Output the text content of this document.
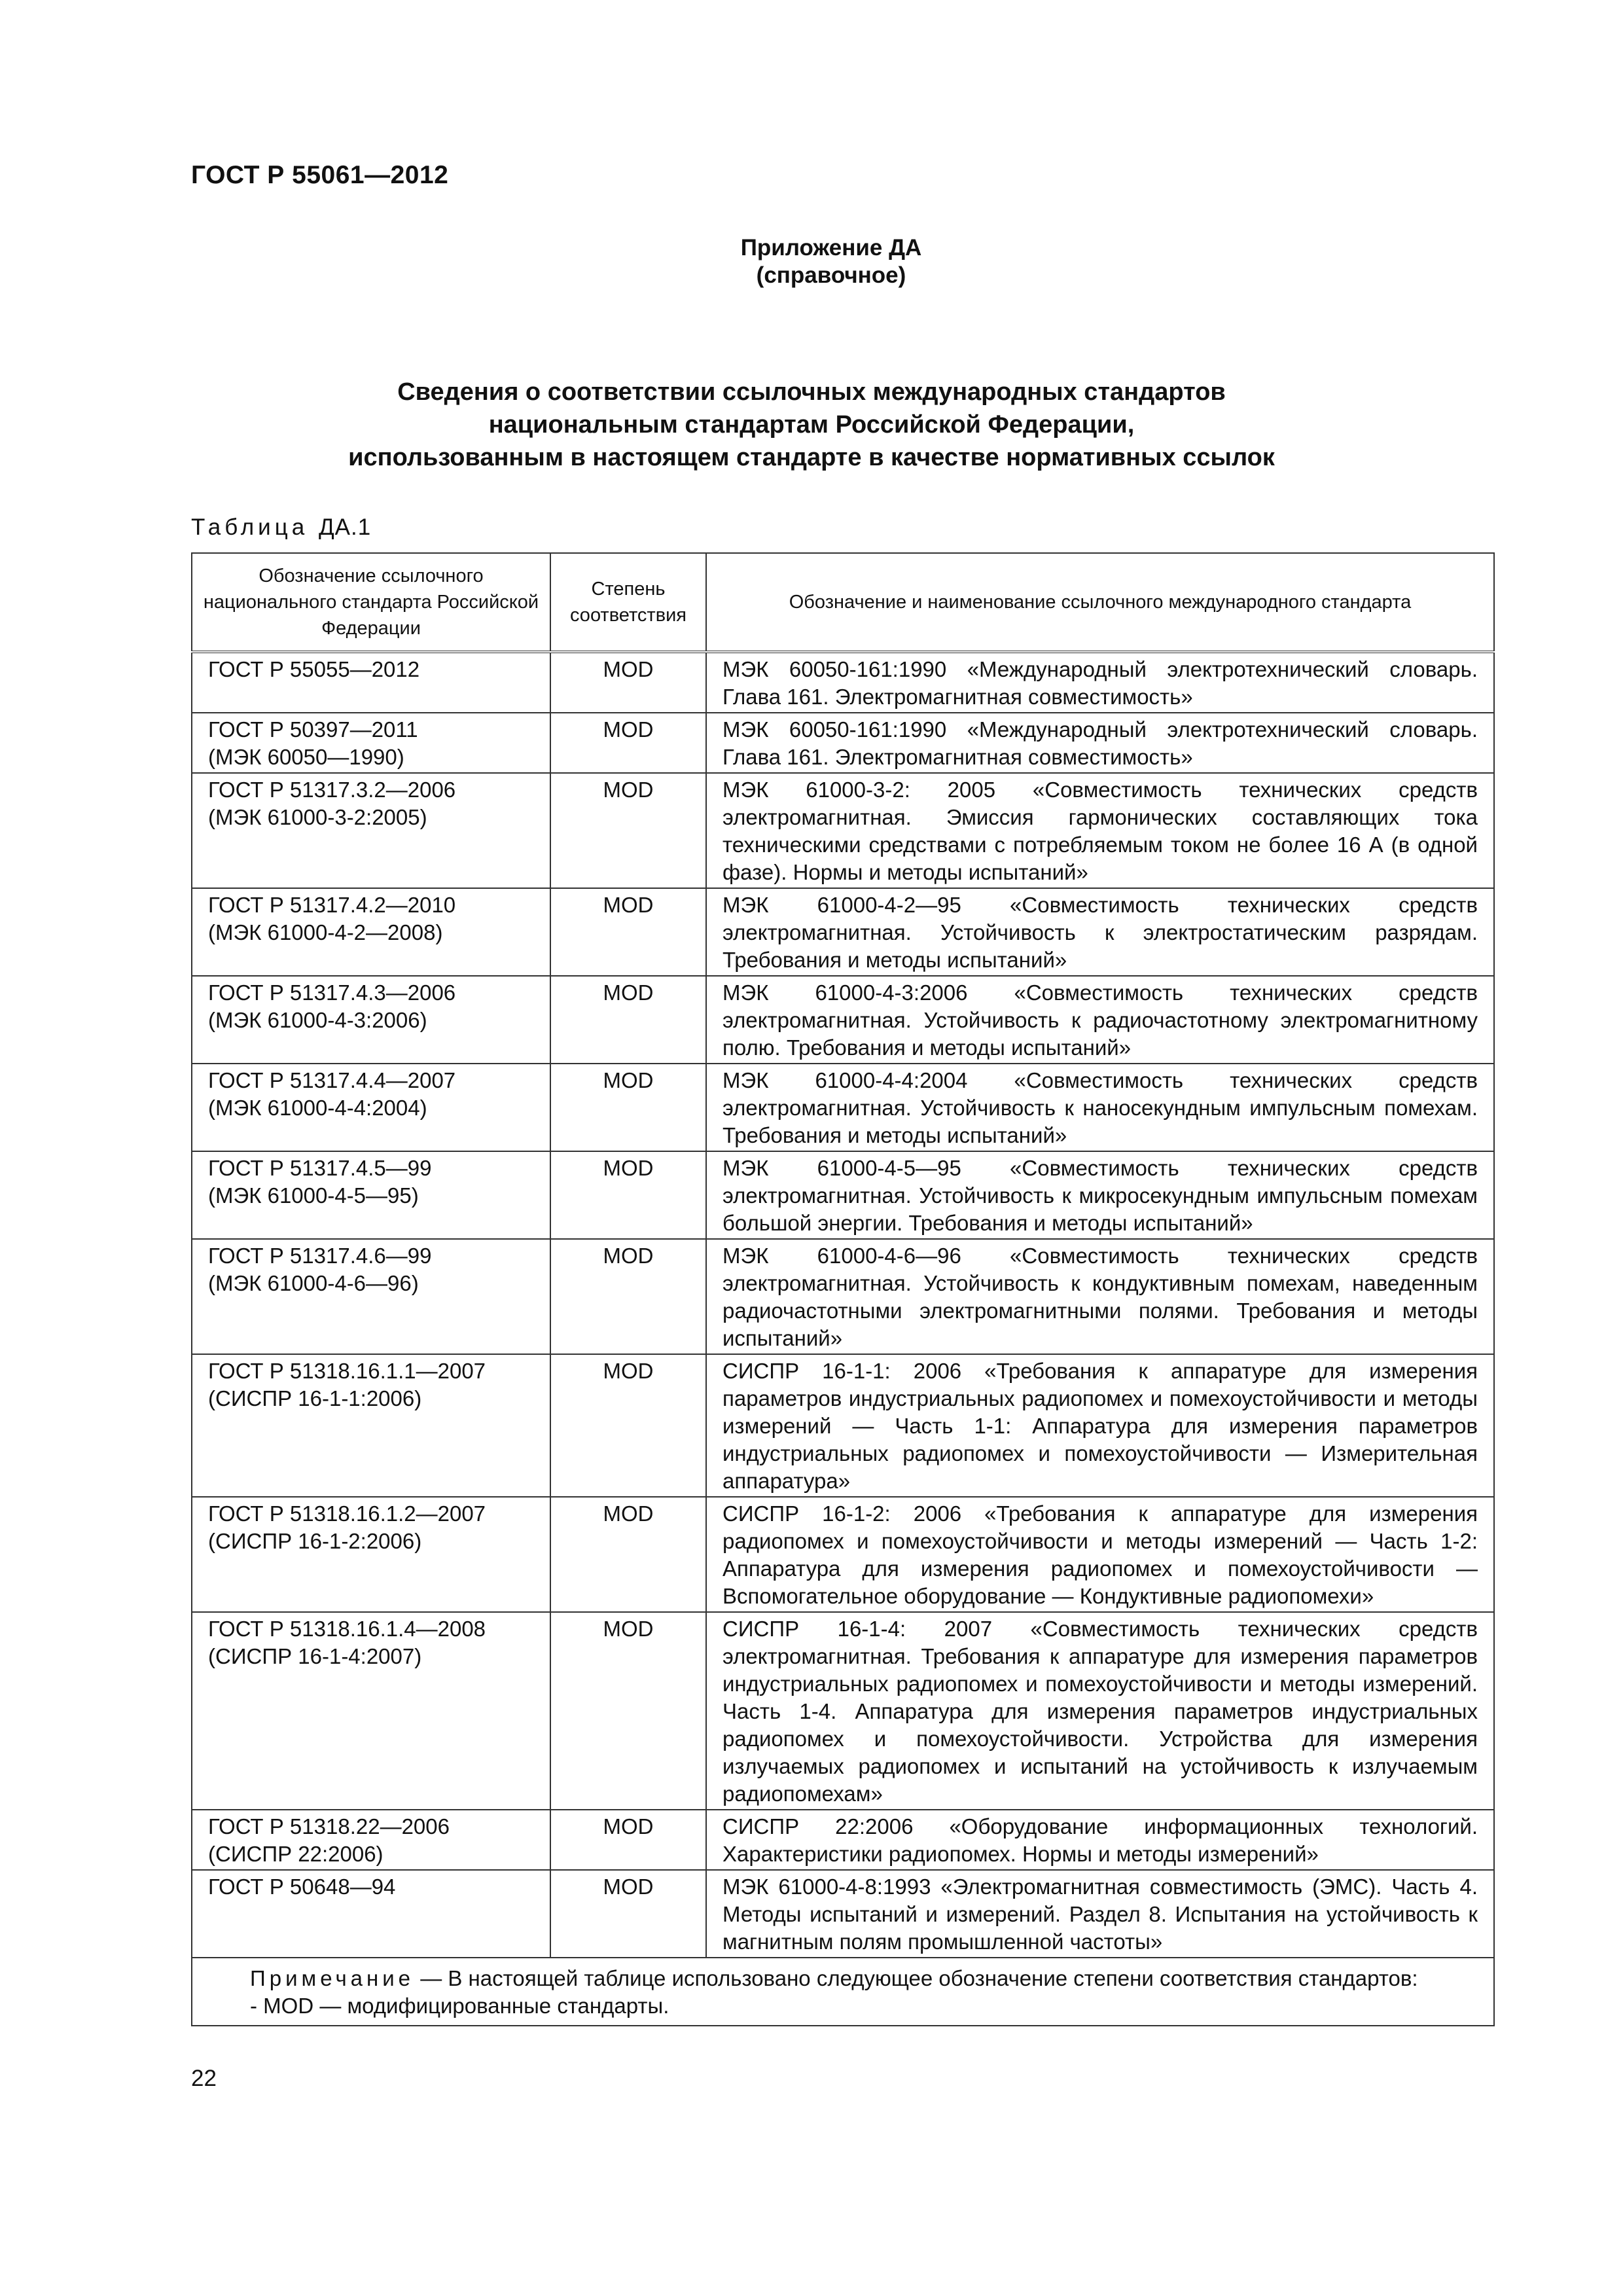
ГОСТ Р 55061—2012
Приложение ДА
(справочное)
Сведения о соответствии ссылочных международных стандартов
национальным стандартам Российской Федерации,
использованным в настоящем стандарте в качестве нормативных ссылок
Таблица ДА.1
Обозначение ссылочного национального стандарта Российской Федерации	Степень соответствия	Обозначение и наименование ссылочного международного стандарта

ГОСТ Р 55055—2012	MOD	МЭК 60050-161:1990 «Международный электротехнический словарь. Глава 161. Электромагнитная совместимость»

ГОСТ Р 50397—2011
(МЭК 60050—1990)	MOD	МЭК 60050-161:1990 «Международный электротехнический словарь. Глава 161. Электромагнитная совместимость»

ГОСТ Р 51317.3.2—2006
(МЭК 61000-3-2:2005)	MOD	МЭК 61000-3-2: 2005 «Совместимость технических средств электромагнитная. Эмиссия гармонических составляющих тока техническими средствами с потребляемым током не более 16 А (в одной фазе). Нормы и методы испытаний»

ГОСТ Р 51317.4.2—2010
(МЭК 61000-4-2—2008)	MOD	МЭК 61000-4-2—95 «Совместимость технических средств электромагнитная. Устойчивость к электростатическим разрядам. Требования и методы испытаний»

ГОСТ Р 51317.4.3—2006
(МЭК 61000-4-3:2006)	MOD	МЭК 61000-4-3:2006 «Совместимость технических средств электромагнитная. Устойчивость к радиочастотному электромагнитному полю. Требования и методы испытаний»

ГОСТ Р 51317.4.4—2007
(МЭК 61000-4-4:2004)	MOD	МЭК 61000-4-4:2004 «Совместимость технических средств электромагнитная. Устойчивость к наносекундным импульсным помехам. Требования и методы испытаний»

ГОСТ Р 51317.4.5—99
(МЭК 61000-4-5—95)	MOD	МЭК 61000-4-5—95 «Совместимость технических средств электромагнитная. Устойчивость к микросекундным импульсным помехам большой энергии. Требования и методы испытаний»

ГОСТ Р 51317.4.6—99
(МЭК 61000-4-6—96)	MOD	МЭК 61000-4-6—96 «Совместимость технических средств электромагнитная. Устойчивость к кондуктивным помехам, наведенным радиочастотными электромагнитными полями. Требования и методы испытаний»

ГОСТ Р 51318.16.1.1—2007
(СИСПР 16-1-1:2006)	MOD	СИСПР 16-1-1: 2006 «Требования к аппаратуре для измерения параметров индустриальных радиопомех и помехоустойчивости и методы измерений — Часть 1-1: Аппаратура для измерения параметров индустриальных радиопомех и помехоустойчивости — Измерительная аппаратура»

ГОСТ Р 51318.16.1.2—2007
(СИСПР 16-1-2:2006)	MOD	СИСПР 16-1-2: 2006 «Требования к аппаратуре для измерения радиопомех и помехоустойчивости и методы измерений — Часть 1-2: Аппаратура для измерения радиопомех и помехоустойчивости — Вспомогательное оборудование — Кондуктивные радиопомехи»

ГОСТ Р 51318.16.1.4—2008
(СИСПР 16-1-4:2007)	MOD	СИСПР 16-1-4: 2007 «Совместимость технических средств электромагнитная. Требования к аппаратуре для измерения параметров индустриальных радиопомех и помехоустойчивости и методы измерений. Часть 1-4. Аппаратура для измерения параметров индустриальных радиопомех и помехоустойчивости. Устройства для измерения излучаемых радиопомех и испытаний на устойчивость к излучаемым радиопомехам»

ГОСТ Р 51318.22—2006
(СИСПР 22:2006)	MOD	СИСПР 22:2006 «Оборудование информационных технологий. Характеристики радиопомех. Нормы и методы измерений»

ГОСТ Р 50648—94	MOD	МЭК 61000-4-8:1993 «Электромагнитная совместимость (ЭМС). Часть 4. Методы испытаний и измерений. Раздел 8. Испытания на устойчивость к магнитным полям промышленной частоты»

Примечание — В настоящей таблице использовано следующее обозначение степени соответствия стандартов:
- MOD — модифицированные стандарты.		
22
